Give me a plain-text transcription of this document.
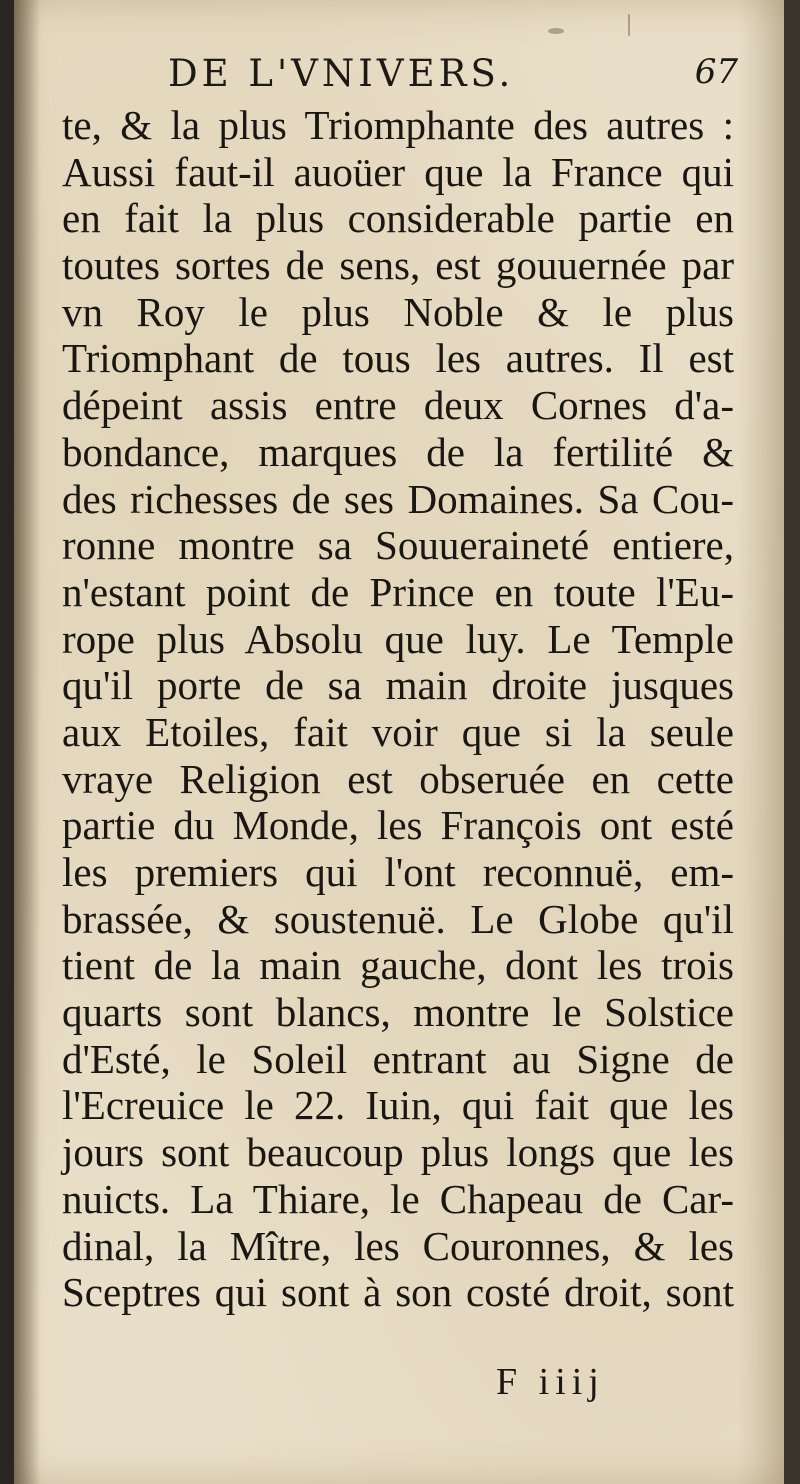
DE L'VNIVERS.	67
te, & la plus Triomphante des autres :
Aussi faut-il auoüer que la France qui
en fait la plus considerable partie en
toutes sortes de sens, est gouuernée par
vn Roy le plus Noble & le plus
Triomphant de tous les autres. Il est
dépeint assis entre deux Cornes d'a-
bondance, marques de la fertilité &
des richesses de ses Domaines. Sa Cou-
ronne montre sa Souueraineté entiere,
n'estant point de Prince en toute l'Eu-
rope plus Absolu que luy. Le Temple
qu'il porte de sa main droite jusques
aux Etoiles, fait voir que si la seule
vraye Religion est obseruée en cette
partie du Monde, les François ont esté
les premiers qui l'ont reconnuë, em-
brassée, & soustenuë. Le Globe qu'il
tient de la main gauche, dont les trois
quarts sont blancs, montre le Solstice
d'Esté, le Soleil entrant au Signe de
l'Ecreuice le 22. Iuin, qui fait que les
jours sont beaucoup plus longs que les
nuicts. La Thiare, le Chapeau de Car-
dinal, la Mître, les Couronnes, & les
Sceptres qui sont à son costé droit, sont
F iiij
